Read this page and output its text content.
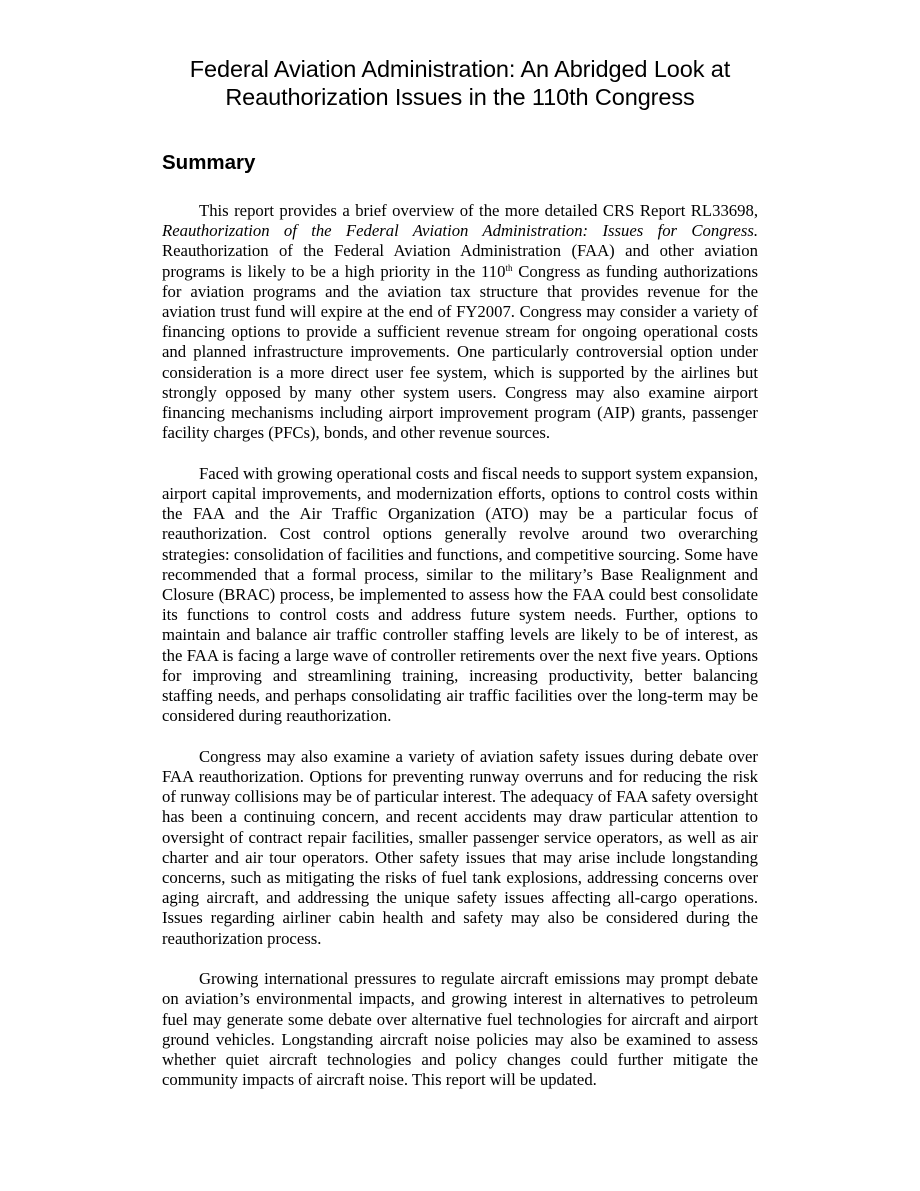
Federal Aviation Administration: An Abridged Look at
Reauthorization Issues in the 110th Congress
Summary

This report provides a brief overview of the more detailed CRS Report RL33698, Reauthorization of the Federal Aviation Administration: Issues for Congress. Reauthorization of the Federal Aviation Administration (FAA) and other aviation programs is likely to be a high priority in the 110th Congress as funding authorizations for aviation programs and the aviation tax structure that provides revenue for the aviation trust fund will expire at the end of FY2007. Congress may consider a variety of financing options to provide a sufficient revenue stream for ongoing operational costs and planned infrastructure improvements. One particularly controversial option under consideration is a more direct user fee system, which is supported by the airlines but strongly opposed by many other system users. Congress may also examine airport financing mechanisms including airport improvement program (AIP) grants, passenger facility charges (PFCs), bonds, and other revenue sources.

Faced with growing operational costs and fiscal needs to support system expansion, airport capital improvements, and modernization efforts, options to control costs within the FAA and the Air Traffic Organization (ATO) may be a particular focus of reauthorization. Cost control options generally revolve around two overarching strategies: consolidation of facilities and functions, and competitive sourcing. Some have recommended that a formal process, similar to the military’s Base Realignment and Closure (BRAC) process, be implemented to assess how the FAA could best consolidate its functions to control costs and address future system needs. Further, options to maintain and balance air traffic controller staffing levels are likely to be of interest, as the FAA is facing a large wave of controller retirements over the next five years. Options for improving and streamlining training, increasing productivity, better balancing staffing needs, and perhaps consolidating air traffic facilities over the long-term may be considered during reauthorization.

Congress may also examine a variety of aviation safety issues during debate over FAA reauthorization. Options for preventing runway overruns and for reducing the risk of runway collisions may be of particular interest. The adequacy of FAA safety oversight has been a continuing concern, and recent accidents may draw particular attention to oversight of contract repair facilities, smaller passenger service operators, as well as air charter and air tour operators. Other safety issues that may arise include longstanding concerns, such as mitigating the risks of fuel tank explosions, addressing concerns over aging aircraft, and addressing the unique safety issues affecting all-cargo operations. Issues regarding airliner cabin health and safety may also be considered during the reauthorization process.

Growing international pressures to regulate aircraft emissions may prompt debate on aviation’s environmental impacts, and growing interest in alternatives to petroleum fuel may generate some debate over alternative fuel technologies for aircraft and airport ground vehicles. Longstanding aircraft noise policies may also be examined to assess whether quiet aircraft technologies and policy changes could further mitigate the community impacts of aircraft noise. This report will be updated.
